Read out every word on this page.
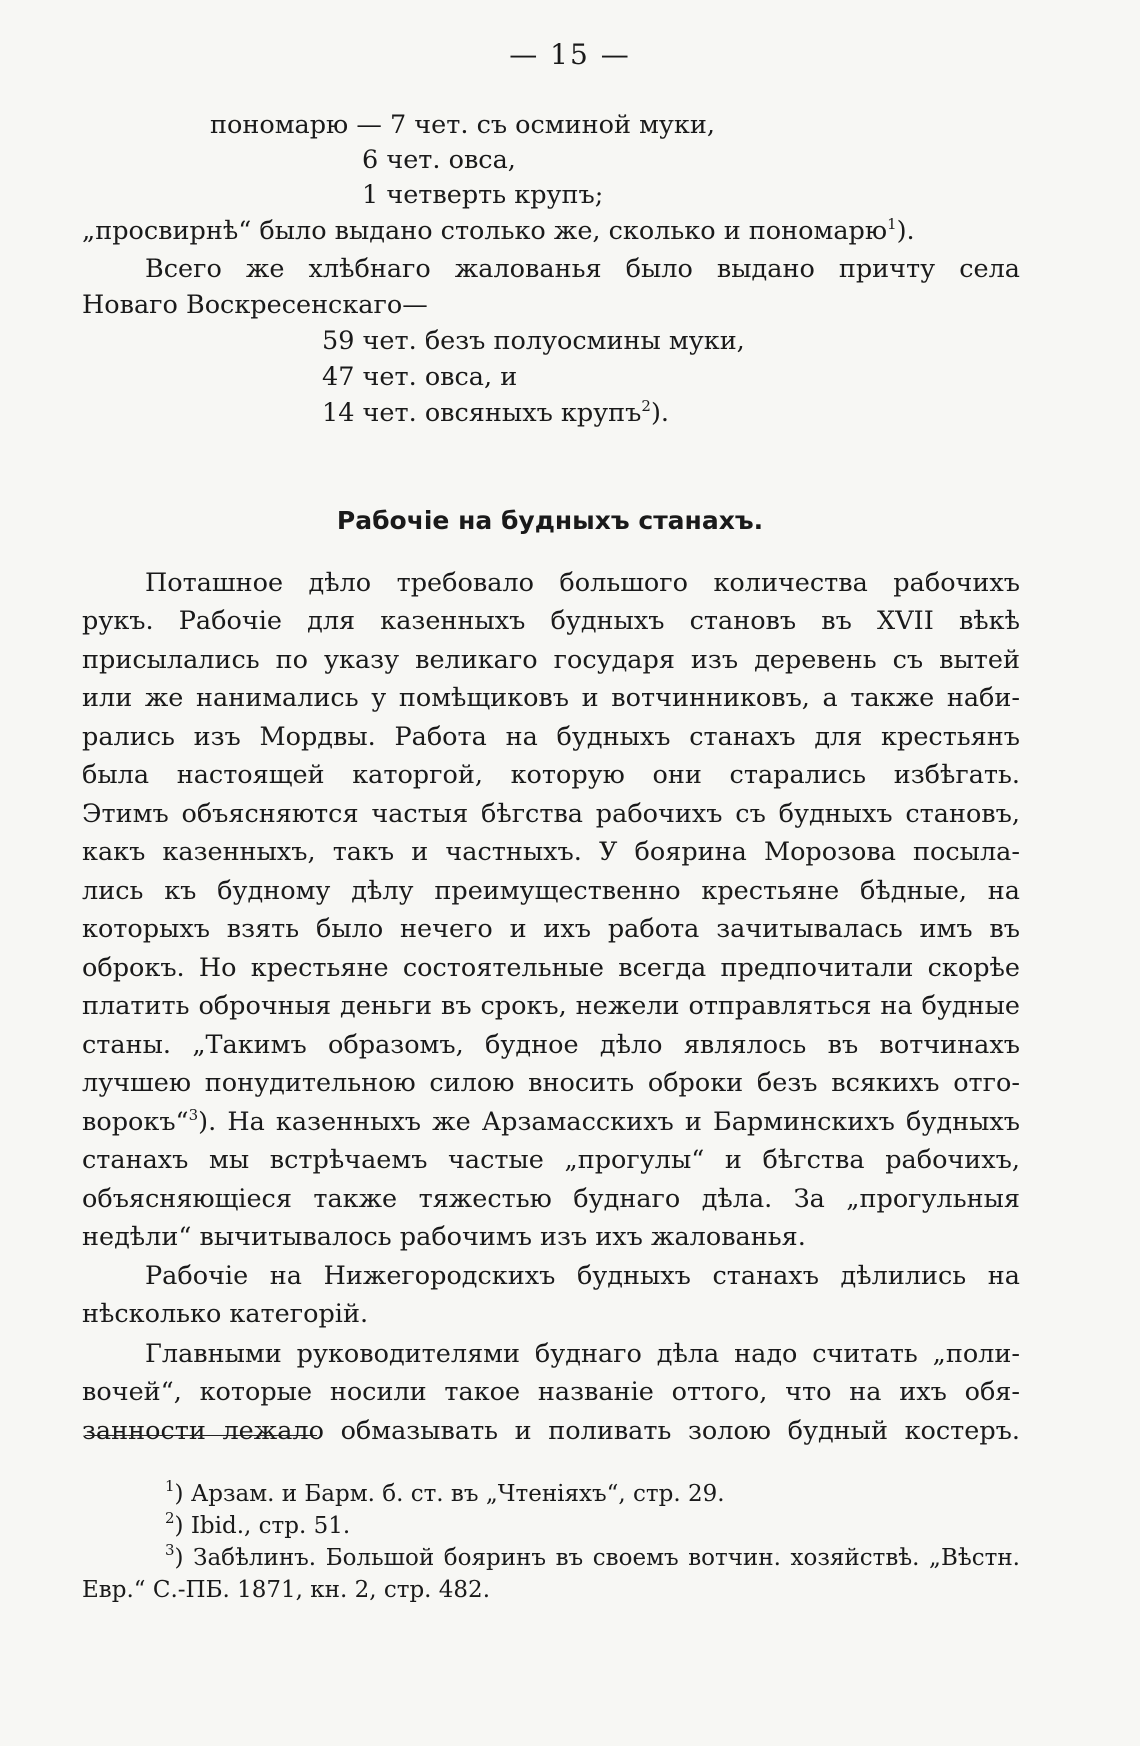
— 15 —
пономарю — 7 чет. съ осминой муки,
6 чет. овса,
1 четверть крупъ;
„просвирнѣ“ было выдано столько же, сколько и пономарю$^1$).
Всего же хлѣбнаго жалованья было выдано причту села
Новаго Воскресенскаго—
59 чет. безъ полуосмины муки,
47 чет. овса, и
14 чет. овсяныхъ крупъ$^2$).
Рабочіе на будныхъ станахъ.
Поташное дѣло требовало большого количества рабочихъ
рукъ. Рабочіе для казенныхъ будныхъ становъ въ XVII вѣкѣ
присылались по указу великаго государя изъ деревень съ вытей
или же нанимались у помѣщиковъ и вотчинниковъ, а также наби-
рались изъ Мордвы. Работа на будныхъ станахъ для крестьянъ
была настоящей каторгой, которую они старались избѣгать.
Этимъ объясняются частыя бѣгства рабочихъ съ будныхъ становъ,
какъ казенныхъ, такъ и частныхъ. У боярина Морозова посыла-
лись къ будному дѣлу преимущественно крестьяне бѣдные, на
которыхъ взять было нечего и ихъ работа зачитывалась имъ въ
оброкъ. Но крестьяне состоятельные всегда предпочитали скорѣе
платить оброчныя деньги въ срокъ, нежели отправляться на будные
станы. „Такимъ образомъ, будное дѣло являлось въ вотчинахъ
лучшею понудительною силою вносить оброки безъ всякихъ отго-
ворокъ“$^3$). На казенныхъ же Арзамасскихъ и Барминскихъ будныхъ
станахъ мы встрѣчаемъ частые „прогулы“ и бѣгства рабочихъ,
объясняющіеся также тяжестью буднаго дѣла. За „прогульныя
недѣли“ вычитывалось рабочимъ изъ ихъ жалованья.
Рабочіе на Нижегородскихъ будныхъ станахъ дѣлились на
нѣсколько категорій.
Главными руководителями буднаго дѣла надо считать „поли-
вочей“, которые носили такое названіе оттого, что на ихъ обя-
занности лежало обмазывать и поливать золою будный костеръ.
$^1$) Арзам. и Барм. б. ст. въ „Чтеніяхъ“, стр. 29.
$^2$) Ibid., стр. 51.
$^3$) Забѣлинъ. Большой бояринъ въ своемъ вотчин. хозяйствѣ. „Вѣстн.
Евр.“ С.-ПБ. 1871, кн. 2, стр. 482.
